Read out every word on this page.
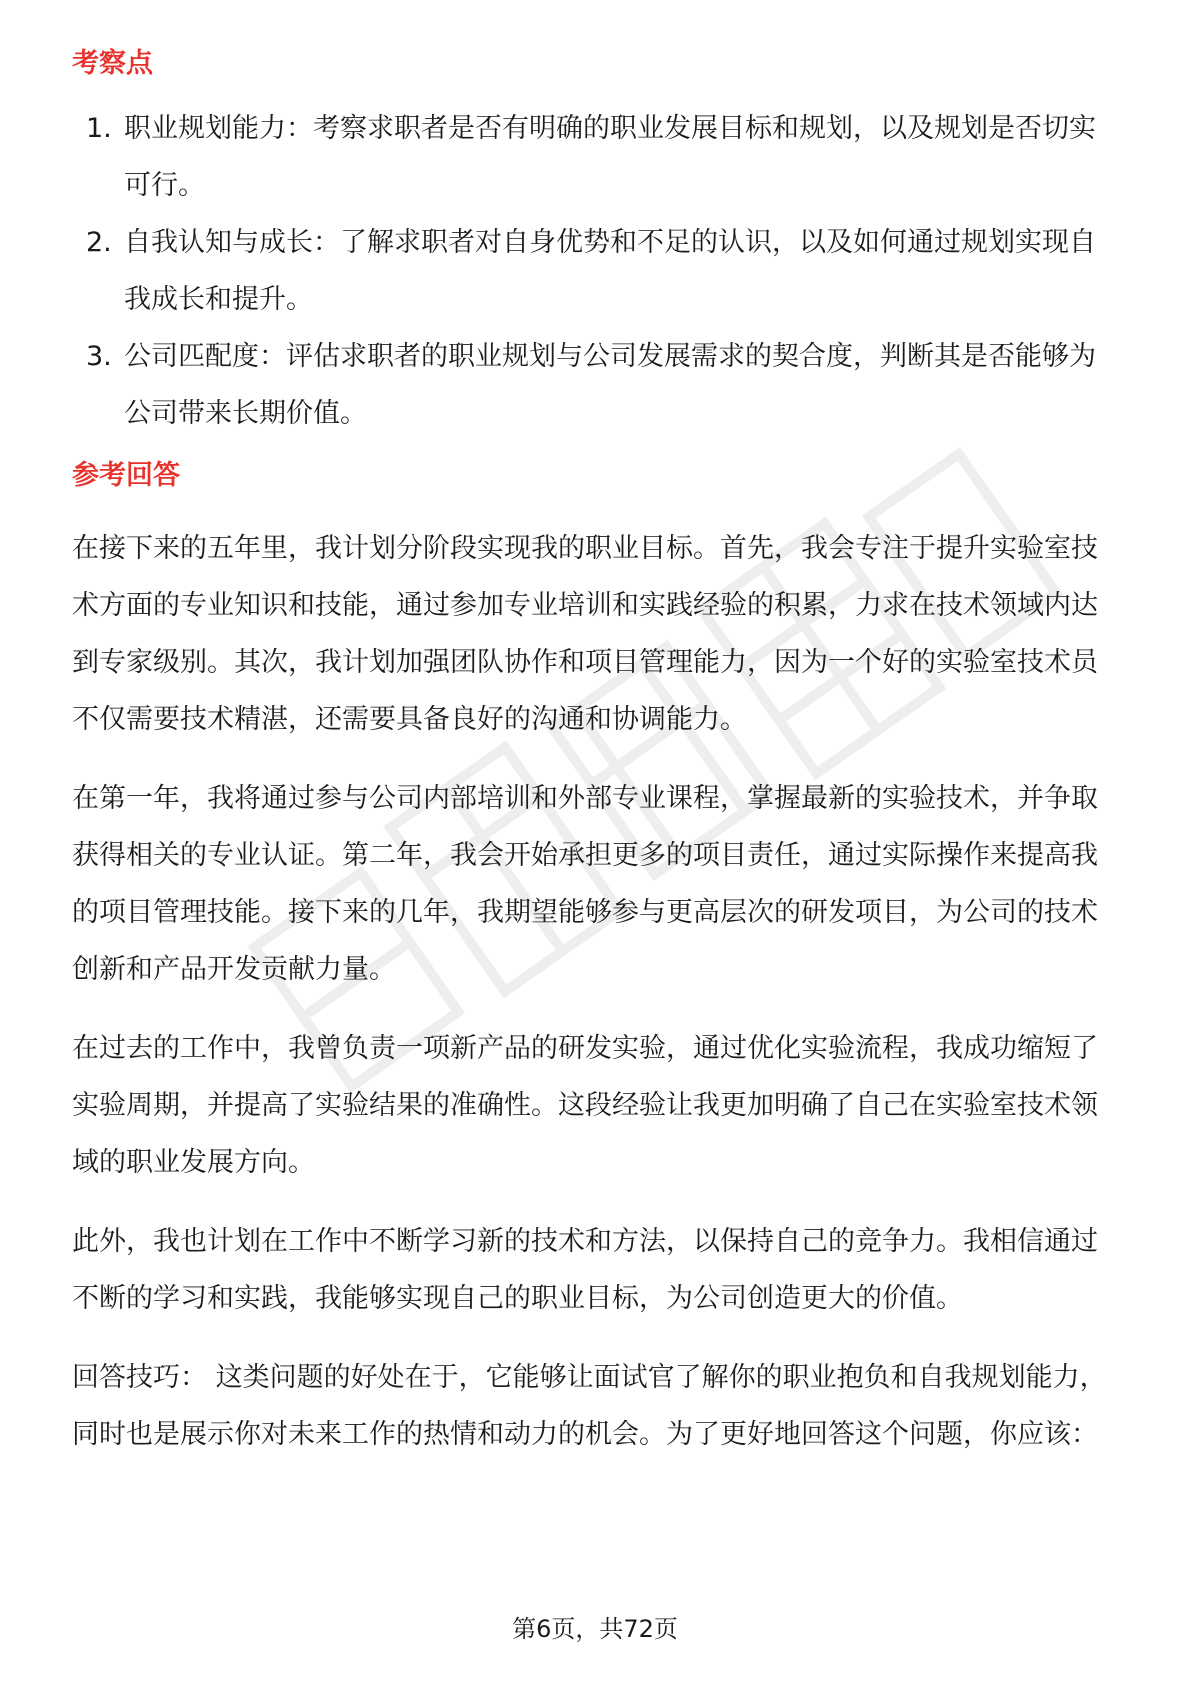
考察点
1. 职业规划能力：考察求职者是否有明确的职业发展目标和规划，以及规划是否切实可行。
2. 自我认知与成长：了解求职者对自身优势和不足的认识，以及如何通过规划实现自我成长和提升。
3. 公司匹配度：评估求职者的职业规划与公司发展需求的契合度，判断其是否能够为公司带来长期价值。
参考回答

在接下来的五年里，我计划分阶段实现我的职业目标。首先，我会专注于提升实验室技术方面的专业知识和技能，通过参加专业培训和实践经验的积累，力求在技术领域内达到专家级别。其次，我计划加强团队协作和项目管理能力，因为一个好的实验室技术员不仅需要技术精湛，还需要具备良好的沟通和协调能力。

在第一年，我将通过参与公司内部培训和外部专业课程，掌握最新的实验技术，并争取获得相关的专业认证。第二年，我会开始承担更多的项目责任，通过实际操作来提高我的项目管理技能。接下来的几年，我期望能够参与更高层次的研发项目，为公司的技术创新和产品开发贡献力量。

在过去的工作中，我曾负责一项新产品的研发实验，通过优化实验流程，我成功缩短了实验周期，并提高了实验结果的准确性。这段经验让我更加明确了自己在实验室技术领域的职业发展方向。

此外，我也计划在工作中不断学习新的技术和方法，以保持自己的竞争力。我相信通过不断的学习和实践，我能够实现自己的职业目标，为公司创造更大的价值。

回答技巧： 这类问题的好处在于，它能够让面试官了解你的职业抱负和自我规划能力，同时也是展示你对未来工作的热情和动力的机会。为了更好地回答这个问题，你应该：

第6页，共72页
